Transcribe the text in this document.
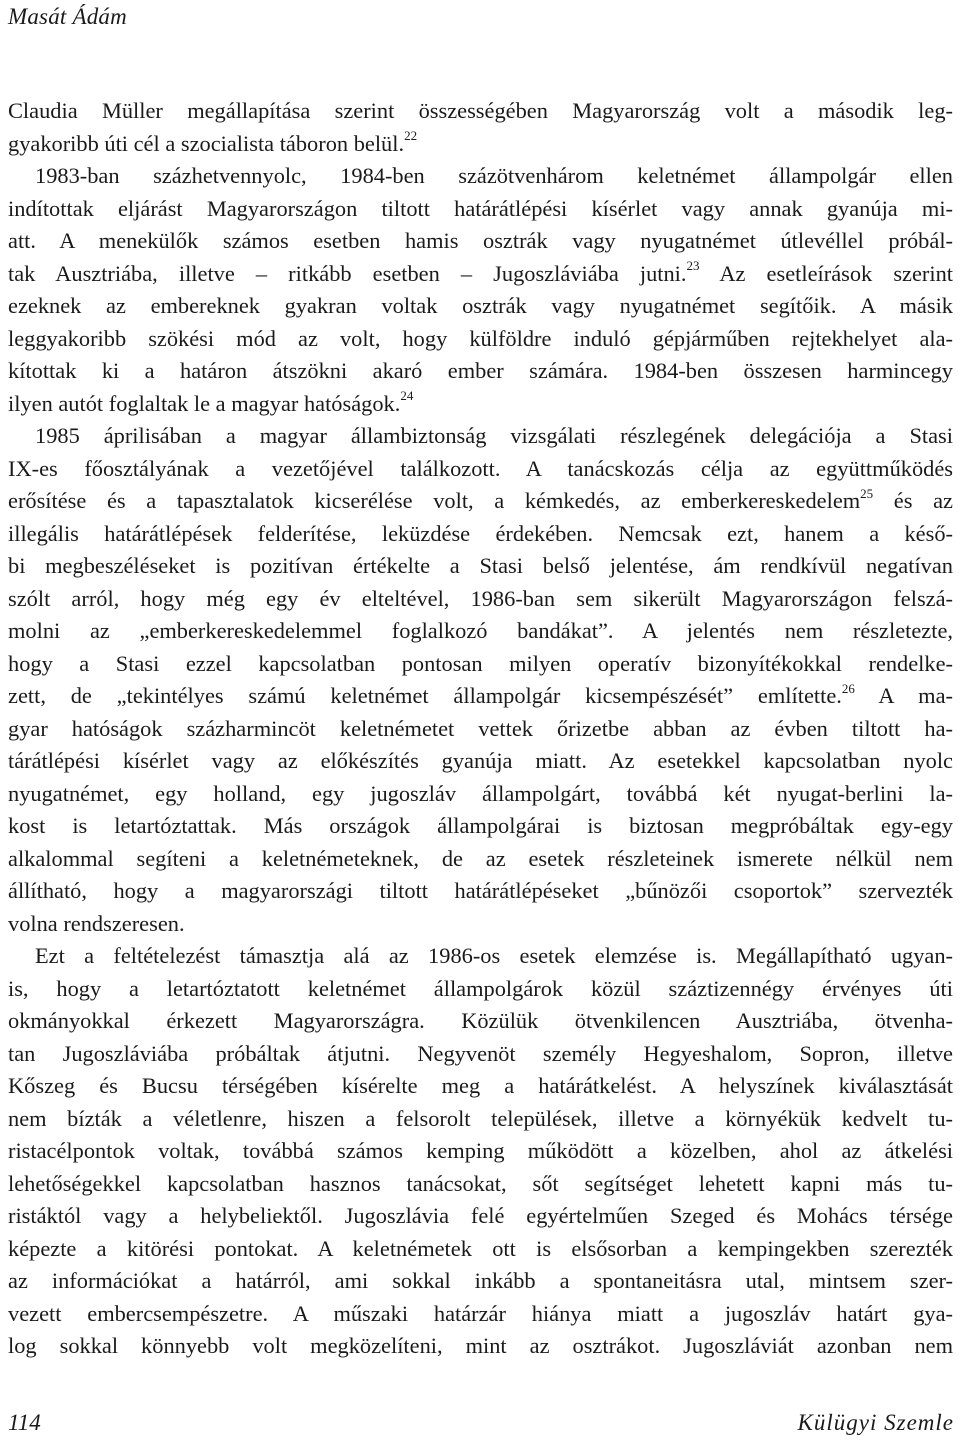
Masát Ádám
Claudia Müller megállapítása szerint összességében Magyarország volt a második leg-
gyakoribb úti cél a szocialista táboron belül.$^{22}$
1983-ban százhetvennyolc, 1984-ben százötvenhárom keletnémet állampolgár ellen
indítottak eljárást Magyarországon tiltott határátlépési kísérlet vagy annak gyanúja mi-
att. A menekülők számos esetben hamis osztrák vagy nyugatnémet útlevéllel próbál-
tak Ausztriába, illetve – ritkább esetben – Jugoszláviába jutni.$^{23}$ Az esetleírások szerint
ezeknek az embereknek gyakran voltak osztrák vagy nyugatnémet segítőik. A másik
leggyakoribb szökési mód az volt, hogy külföldre induló gépjárműben rejtekhelyet ala-
kítottak ki a határon átszökni akaró ember számára. 1984-ben összesen harmincegy
ilyen autót foglaltak le a magyar hatóságok.$^{24}$
1985 áprilisában a magyar állambiztonság vizsgálati részlegének delegációja a Stasi
IX-es főosztályának a vezetőjével találkozott. A tanácskozás célja az együttműködés
erősítése és a tapasztalatok kicserélése volt, a kémkedés, az emberkereskedelem$^{25}$ és az
illegális határátlépések felderítése, leküzdése érdekében. Nemcsak ezt, hanem a késő-
bi megbeszéléseket is pozitívan értékelte a Stasi belső jelentése, ám rendkívül negatívan
szólt arról, hogy még egy év elteltével, 1986-ban sem sikerült Magyarországon felszá-
molni az „emberkereskedelemmel foglalkozó bandákat”. A jelentés nem részletezte,
hogy a Stasi ezzel kapcsolatban pontosan milyen operatív bizonyítékokkal rendelke-
zett, de „tekintélyes számú keletnémet állampolgár kicsempészését” említette.$^{26}$ A ma-
gyar hatóságok százharmincöt keletnémetet vettek őrizetbe abban az évben tiltott ha-
tárátlépési kísérlet vagy az előkészítés gyanúja miatt. Az esetekkel kapcsolatban nyolc
nyugatnémet, egy holland, egy jugoszláv állampolgárt, továbbá két nyugat-berlini la-
kost is letartóztattak. Más országok állampolgárai is biztosan megpróbáltak egy-egy
alkalommal segíteni a keletnémeteknek, de az esetek részleteinek ismerete nélkül nem
állítható, hogy a magyarországi tiltott határátlépéseket „bűnözői csoportok” szervezték
volna rendszeresen.
Ezt a feltételezést támasztja alá az 1986-os esetek elemzése is. Megállapítható ugyan-
is, hogy a letartóztatott keletnémet állampolgárok közül száztizennégy érvényes úti
okmányokkal érkezett Magyarországra. Közülük ötvenkilencen Ausztriába, ötvenha-
tan Jugoszláviába próbáltak átjutni. Negyvenöt személy Hegyeshalom, Sopron, illetve
Kőszeg és Bucsu térségében kísérelte meg a határátkelést. A helyszínek kiválasztását
nem bízták a véletlenre, hiszen a felsorolt települések, illetve a környékük kedvelt tu-
ristacélpontok voltak, továbbá számos kemping működött a közelben, ahol az átkelési
lehetőségekkel kapcsolatban hasznos tanácsokat, sőt segítséget lehetett kapni más tu-
ristáktól vagy a helybeliektől. Jugoszlávia felé egyértelműen Szeged és Mohács térsége
képezte a kitörési pontokat. A keletnémetek ott is elsősorban a kempingekben szerezték
az információkat a határról, ami sokkal inkább a spontaneitásra utal, mintsem szer-
vezett embercsempészetre. A műszaki határzár hiánya miatt a jugoszláv határt gya-
log sokkal könnyebb volt megközelíteni, mint az osztrákot. Jugoszláviát azonban nem
114	Külügyi Szemle
